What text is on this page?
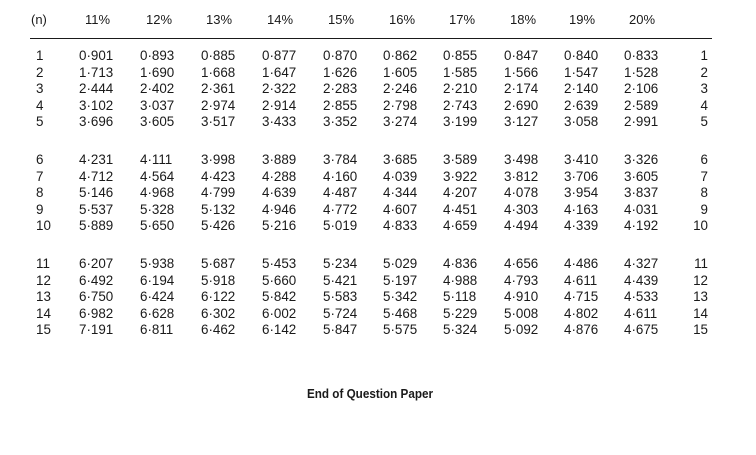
(n)	11%	12%	13%	14%	15%	16%	17%	18%	19%	20%
1	0·901 0·893 0·885 0·877 0·870 0·862 0·855 0·847 0·840 0·833	1
2	1·713 1·690 1·668 1·647 1·626 1·605 1·585 1·566 1·547 1·528	2
3	2·444 2·402 2·361 2·322 2·283 2·246 2·210 2·174 2·140 2·106	3
4	3·102 3·037 2·974 2·914 2·855 2·798 2·743 2·690 2·639 2·589	4
5	3·696 3·605 3·517 3·433 3·352 3·274 3·199 3·127 3·058 2·991	5
6	4·231 4·111 3·998 3·889 3·784 3·685 3·589 3·498 3·410 3·326	6
7	4·712 4·564 4·423 4·288 4·160 4·039 3·922 3·812 3·706 3·605	7
8	5·146 4·968 4·799 4·639 4·487 4·344 4·207 4·078 3·954 3·837	8
9	5·537 5·328 5·132 4·946 4·772 4·607 4·451 4·303 4·163 4·031	9
10 5·889 5·650 5·426 5·216 5·019 4·833 4·659 4·494 4·339 4·192	10
11 6·207 5·938 5·687 5·453 5·234 5·029 4·836 4·656 4·486 4·327	11
12 6·492 6·194 5·918 5·660 5·421 5·197 4·988 4·793 4·611 4·439	12
13 6·750 6·424 6·122 5·842 5·583 5·342 5·118 4·910 4·715 4·533	13
14 6·982 6·628 6·302 6·002 5·724 5·468 5·229 5·008 4·802 4·611	14
15 7·191 6·811 6·462 6·142 5·847 5·575 5·324 5·092 4·876 4·675	15
End of Question Paper
